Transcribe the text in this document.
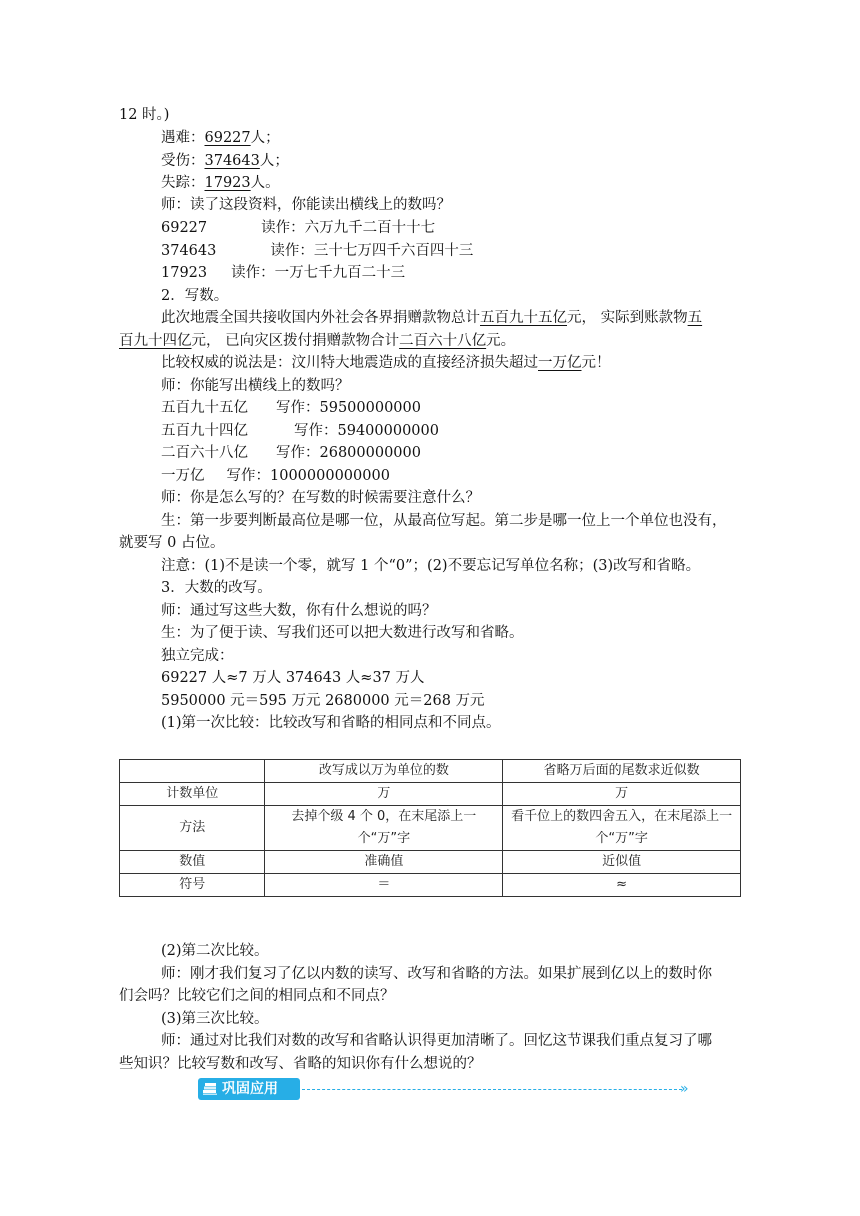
12 时。)
遇难：69227人；
受伤：374643人；
失踪：17923人。
师：读了这段资料，你能读出横线上的数吗？
69227	读作：六万九千二百十十七
374643	读作：三十七万四千六百四十三
17923 读作：一万七千九百二十三
2．写数。
此次地震全国共接收国内外社会各界捐赠款物总计五百九十五亿元， 实际到账款物五
百九十四亿元， 已向灾区拨付捐赠款物合计二百六十八亿元。
比较权威的说法是：汶川特大地震造成的直接经济损失超过一万亿元！
师：你能写出横线上的数吗？
五百九十五亿 写作：59500000000
五百九十四亿	写作：59400000000
二百六十八亿 写作：26800000000
一万亿 写作：1000000000000
师：你是怎么写的？在写数的时候需要注意什么？
生：第一步要判断最高位是哪一位，从最高位写起。第二步是哪一位上一个单位也没有，
就要写 0 占位。
注意：(1)不是读一个零，就写 1 个“0”；(2)不要忘记写单位名称；(3)改写和省略。
3．大数的改写。
师：通过写这些大数，你有什么想说的吗？
生：为了便于读、写我们还可以把大数进行改写和省略。
独立完成：
69227 人≈7 万人 374643 人≈37 万人
5950000 元＝595 万元 2680000 元＝268 万元
(1)第一次比较：比较改写和省略的相同点和不同点。
	改写成以万为单位的数	省略万后面的尾数求近似数
计数单位	万	万
方法	去掉个级 4 个 0，在末尾添上一个“万”字	看千位上的数四舍五入，在末尾添上一个“万”字
数值	准确值	近似值
符号	＝	≈
(2)第二次比较。
师：刚才我们复习了亿以内数的读写、改写和省略的方法。如果扩展到亿以上的数时你
们会吗？比较它们之间的相同点和不同点？
(3)第三次比较。
师：通过对比我们对数的改写和省略认识得更加清晰了。回忆这节课我们重点复习了哪
些知识？比较写数和改写、省略的知识你有什么想说的？
巩固应用	»
